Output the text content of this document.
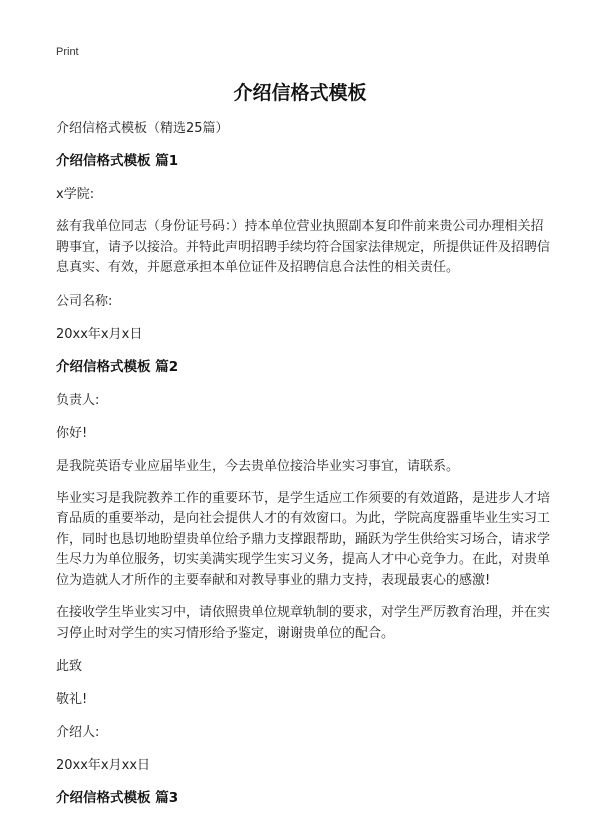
Print
介绍信格式模板

介绍信格式模板（精选25篇）

介绍信格式模板 篇1

x学院:

兹有我单位同志（身份证号码：）持本单位营业执照副本复印件前来贵公司办理相关招聘事宜，请予以接洽。并特此声明招聘手续均符合国家法律规定，所提供证件及招聘信息真实、有效，并愿意承担本单位证件及招聘信息合法性的相关责任。

公司名称:

20xx年x月x日

介绍信格式模板 篇2

负责人:

你好!

是我院英语专业应届毕业生，今去贵单位接洽毕业实习事宜，请联系。

毕业实习是我院教养工作的重要环节，是学生适应工作须要的有效道路，是进步人才培育品质的重要举动，是向社会提供人才的有效窗口。为此，学院高度器重毕业生实习工作，同时也恳切地盼望贵单位给予鼎力支撑跟帮助，踊跃为学生供给实习场合，请求学生尽力为单位服务，切实美满实现学生实习义务，提高人才中心竞争力。在此，对贵单位为造就人才所作的主要奉献和对教导事业的鼎力支持，表现最衷心的感激!

在接收学生毕业实习中，请依照贵单位规章轨制的要求，对学生严厉教育治理，并在实习停止时对学生的实习情形给予鉴定，谢谢贵单位的配合。

此致

敬礼!

介绍人:

20xx年x月xx日

介绍信格式模板 篇3
